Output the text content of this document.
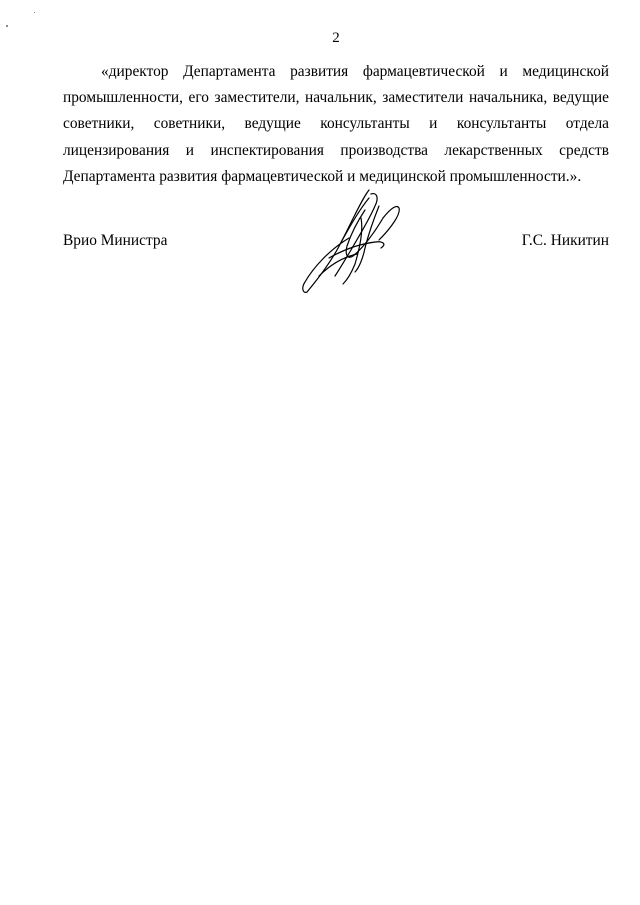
2

«директор Департамента развития фармацевтической и медицинской промышленности, его заместители, начальник, заместители начальника, ведущие советники, советники, ведущие консультанты и консультанты отдела лицензирования и инспектирования производства лекарственных средств Департамента развития фармацевтической и медицинской промышленности.».

Врио Министра	Г.С. Никитин
